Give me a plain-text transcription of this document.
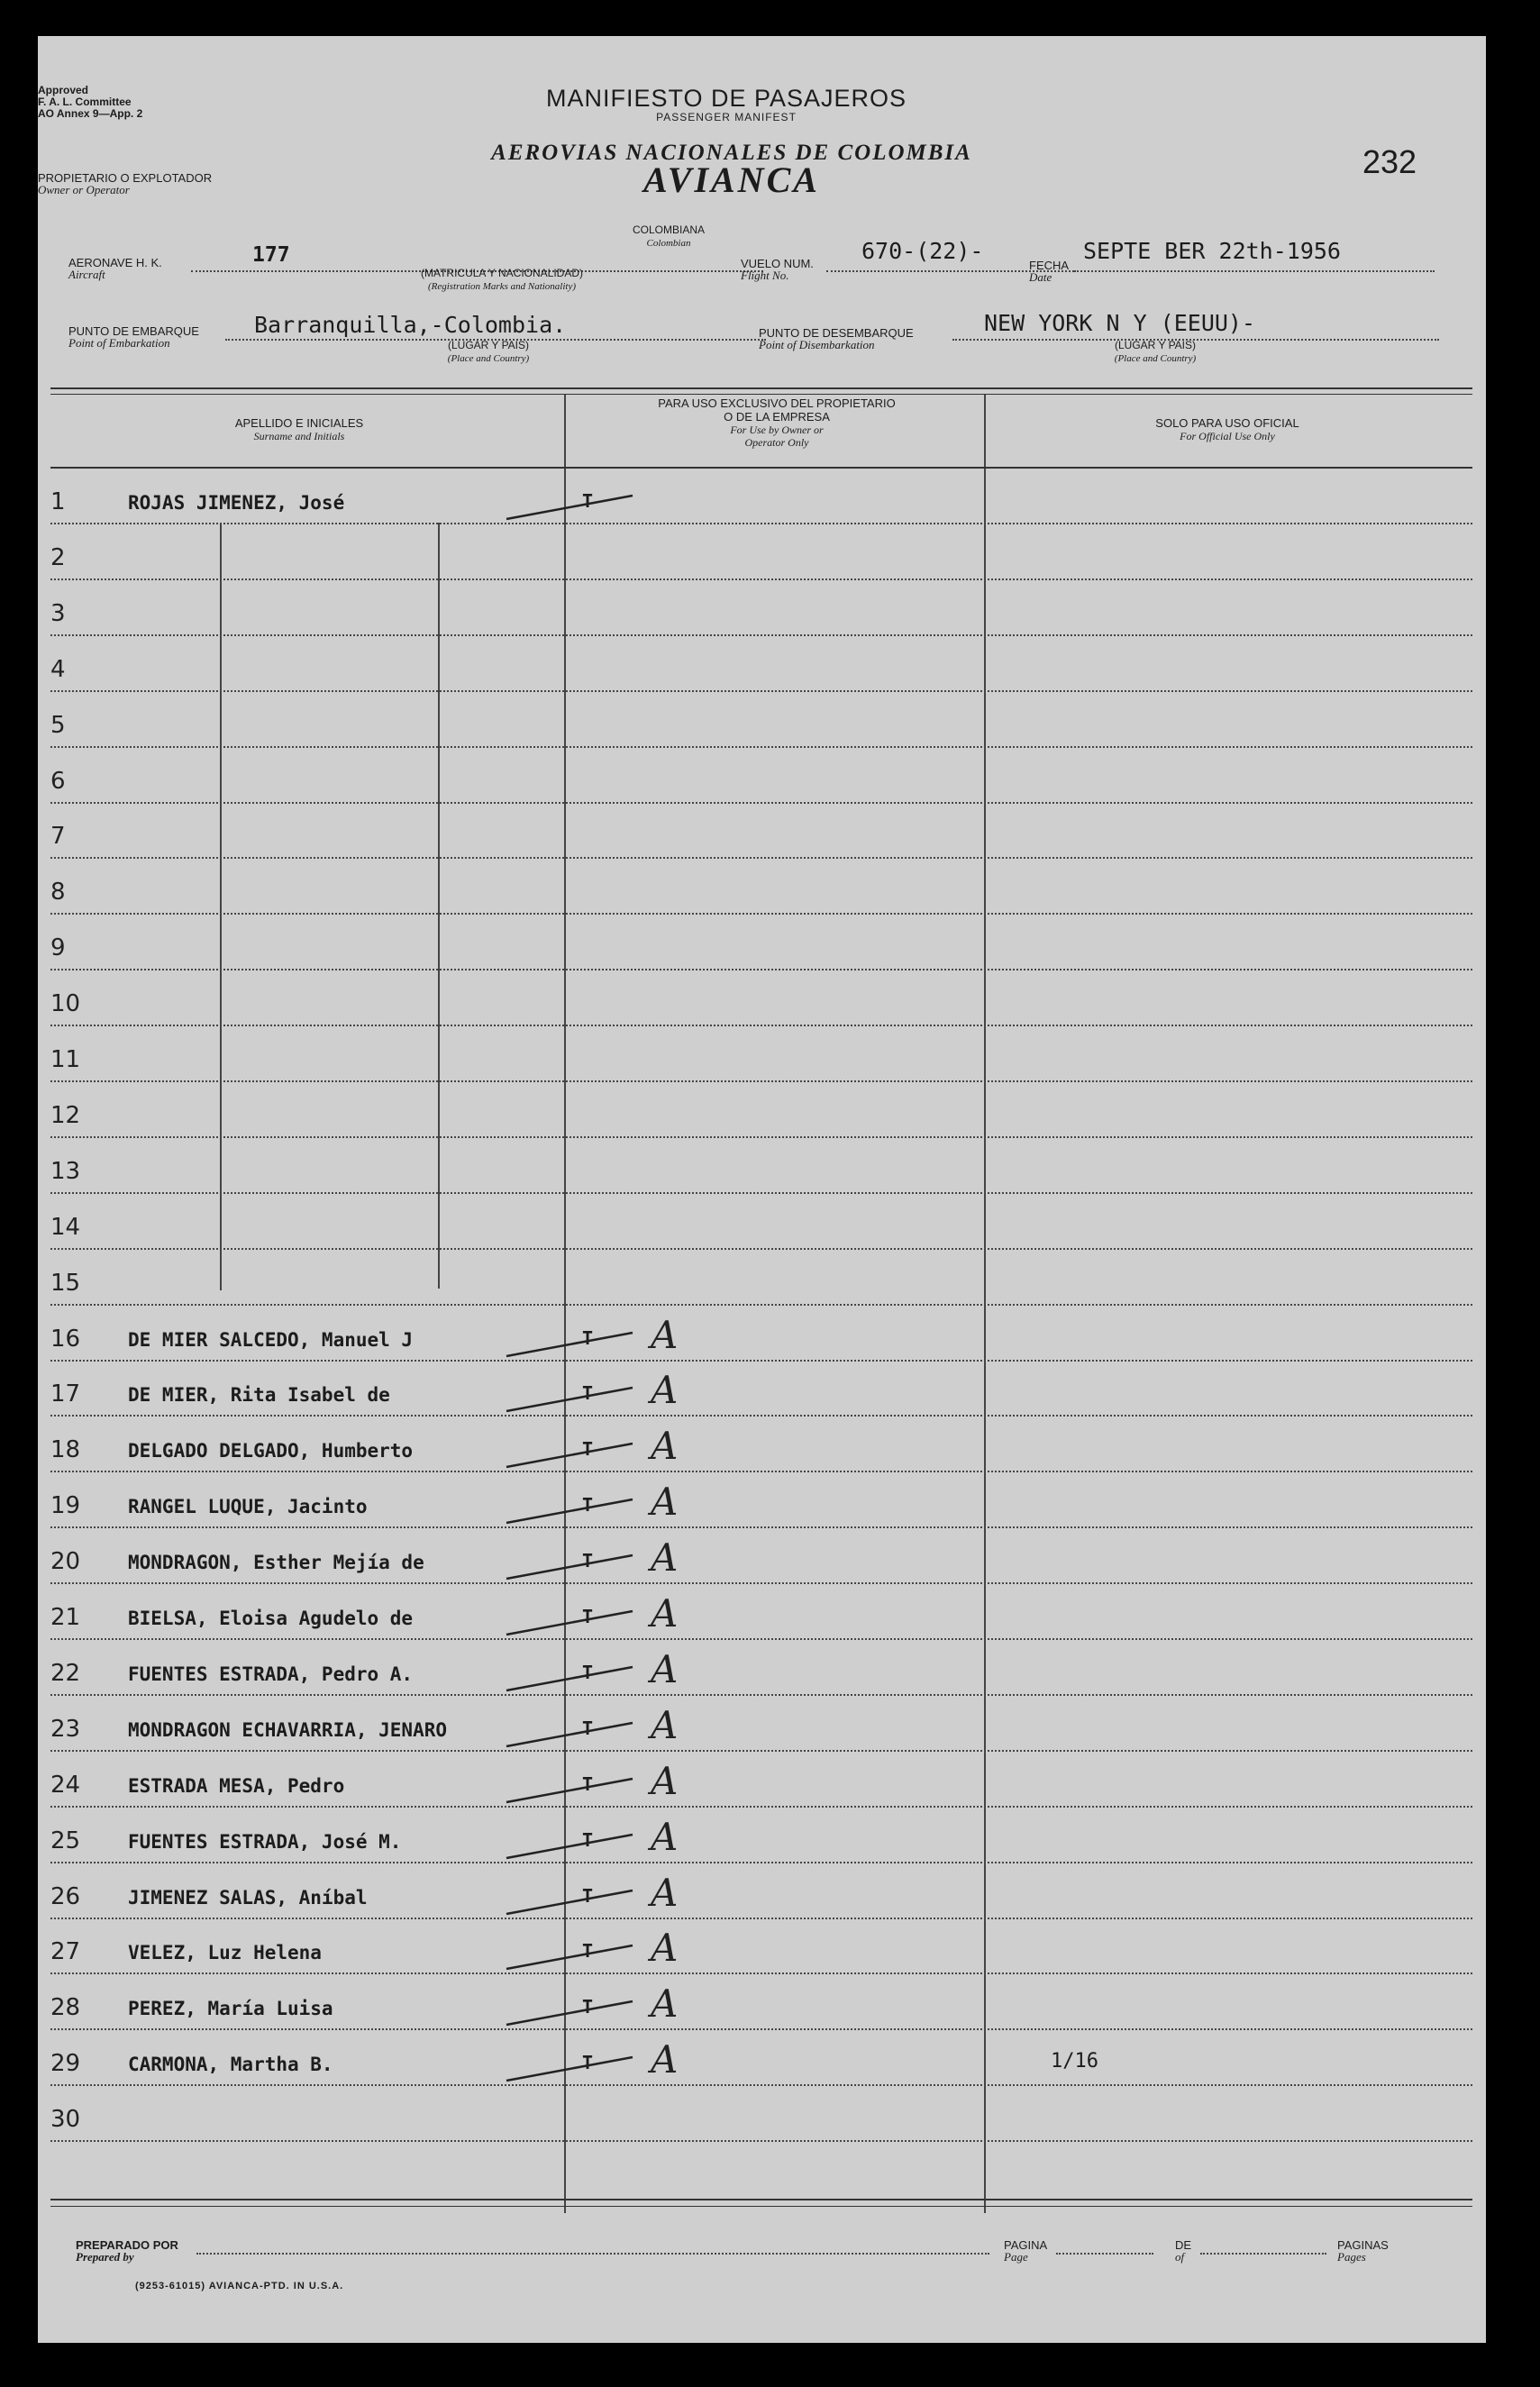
Approved
F. A. L. Committee
AO Annex 9—App. 2
MANIFIESTO DE PASAJEROS
PASSENGER MANIFEST
AEROVIAS NACIONALES DE COLOMBIA
AVIANCA	232
PROPIETARIO O EXPLOTADOR
Owner or Operator
AERONAVE H. K.
Aircraft
177
COLOMBIANA
Colombian
(MATRICULA Y NACIONALIDAD)
(Registration Marks and Nationality)
VUELO NUM.
Flight No.
670-(22)-
FECHA
Date
SEPTE BER 22th-1956
PUNTO DE EMBARQUE
Point of Embarkation
Barranquilla,-Colombia.
(LUGAR Y PAIS)
(Place and Country)
PUNTO DE DESEMBARQUE
Point of Disembarkation
NEW YORK N Y (EEUU)-
(LUGAR Y PAIS)
(Place and Country)
APELLIDO E INICIALES
Surname and Initials
PARA USO EXCLUSIVO DEL PROPIETARIO
O DE LA EMPRESA
For Use by Owner or
Operator Only
SOLO PARA USO OFICIAL
For Official Use Only
1	ROJAS JIMENEZ, José	T
2
3
4
5
6
7
8
9
10
11
12
13
14
15
16	DE MIER SALCEDO, Manuel J	T A
17	DE MIER, Rita Isabel de	T A
18	DELGADO DELGADO, Humberto	T A
19	RANGEL LUQUE, Jacinto	T A
20	MONDRAGON, Esther Mejía de	T A
21	BIELSA, Eloisa Agudelo de	T A
22	FUENTES ESTRADA, Pedro A.	T A
23	MONDRAGON ECHAVARRIA, JENARO	T A
24	ESTRADA MESA, Pedro	T A
25	FUENTES ESTRADA, José M.	T A
26	JIMENEZ SALAS, Aníbal	T A
27	VELEZ, Luz Helena	T A
28	PEREZ, María Luisa	T A
29	CARMONA, Martha B.	T A	1/16
30
PREPARADO POR
Prepared by
PAGINA
Page
DE
of
PAGINAS
Pages
(9253-61015) AVIANCA-PTD. IN U.S.A.
